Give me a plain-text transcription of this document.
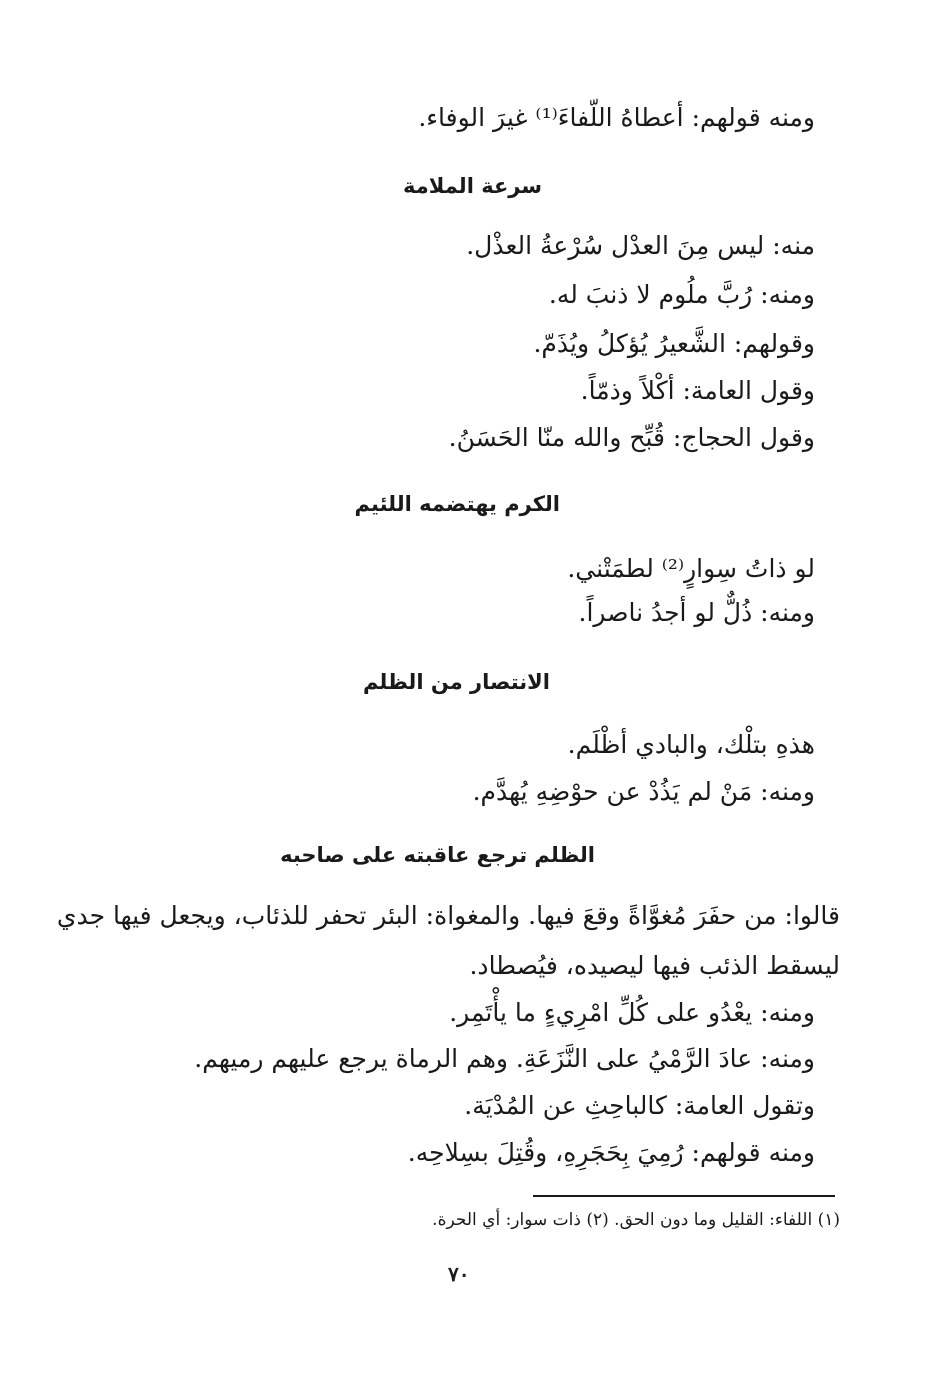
ومنه قولهم: أعطاهُ اللّفاءَ⁽¹⁾ غيرَ الوفاء.
سرعة الملامة
منه: ليس مِنَ العدْل سُرْعةُ العذْل.
ومنه: رُبَّ ملُوم لا ذنبَ له.
وقولهم: الشَّعيرُ يُؤكلُ ويُذَمّ.
وقول العامة: أكْلاً وذمّاً.
وقول الحجاج: قُبِّح والله منّا الحَسَنُ.
الكرم يهتضمه اللئيم
لو ذاتُ سِوارٍ⁽²⁾ لطمَتْني.
ومنه: ذُلٌّ لو أجدُ ناصراً.
الانتصار من الظلم
هذهِ بتلْك، والبادي أظْلَم.
ومنه: مَنْ لم يَذُدْ عن حوْضِهِ يُهدَّم.
الظلم ترجع عاقبته على صاحبه
قالوا: من حفَرَ مُغوَّاةً وقعَ فيها. والمغواة: البئر تحفر للذئاب، ويجعل فيها جدي
ليسقط الذئب فيها ليصيده، فيُصطاد.
ومنه: يعْدُو على كُلِّ امْرِيءٍ ما يأْتَمِر.
ومنه: عادَ الرَّمْيُ على النَّزَعَةِ. وهم الرماة يرجع عليهم رميهم.
وتقول العامة: كالباحِثِ عن المُدْيَة.
ومنه قولهم: رُمِيَ بِحَجَرِهِ، وقُتِلَ بسِلاحِه.
(١) اللفاء: القليل وما دون الحق. (٢) ذات سوار: أي الحرة.
٧٠
